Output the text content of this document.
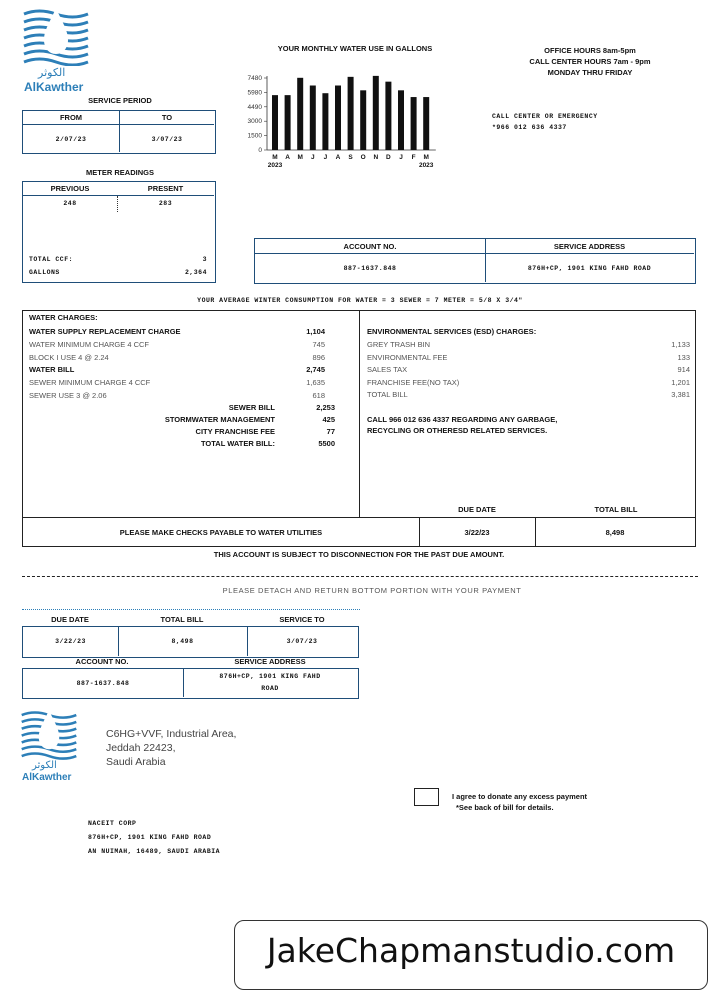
الكوثر
AlKawther
SERVICE PERIOD
FROM	TO
2/07/23	3/07/23
METER READINGS
PREVIOUS	PRESENT
248	283
TOTAL CCF:	3
GALLONS	2,364
YOUR MONTHLY WATER USE IN GALLONS
7480
5980
4490
3000
1500
0
M A M J J A S O N D J F M
2023	2023
OFFICE HOURS 8am-5pm
CALL CENTER HOURS 7am - 9pm
MONDAY THRU FRIDAY
CALL CENTER OR EMERGENCY
*966 012 636 4337
ACCOUNT NO.	SERVICE ADDRESS
887-1637.848	876H+CP, 1901 KING FAHD ROAD
YOUR AVERAGE WINTER CONSUMPTION FOR WATER = 3 SEWER = 7 METER = 5/8 X 3/4"
WATER CHARGES:
WATER SUPPLY REPLACEMENT CHARGE	1,104
WATER MINIMUM CHARGE 4 CCF	745
BLOCK I USE 4 @ 2.24	896
WATER BILL	2,745
SEWER MINIMUM CHARGE 4 CCF	1,635
SEWER USE 3 @ 2.06	618
SEWER BILL	2,253
STORMWATER MANAGEMENT	425
CITY FRANCHISE FEE	77
TOTAL WATER BILL:	5500
ENVIRONMENTAL SERVICES (ESD) CHARGES:
GREY TRASH BIN	1,133
ENVIRONMENTAL FEE	133
SALES TAX	914
FRANCHISE FEE(NO TAX)	1,201
TOTAL BILL	3,381
CALL 966 012 636 4337 REGARDING ANY GARBAGE,
RECYCLING OR OTHERESD RELATED SERVICES.
DUE DATE	TOTAL BILL
PLEASE MAKE CHECKS PAYABLE TO WATER UTILITIES	3/22/23	8,498
THIS ACCOUNT IS SUBJECT TO DISCONNECTION FOR THE PAST DUE AMOUNT.
PLEASE DETACH AND RETURN BOTTOM PORTION WITH YOUR PAYMENT
3/22/23	8,498	3/07/23
DUE DATE	TOTAL BILL	SERVICE TO
ACCOUNT NO.	SERVICE ADDRESS
887-1637.848
876H+CP, 1901 KING FAHD
ROAD
الكوثر
AlKawther
C6HG+VVF, Industrial Area,
Jeddah 22423,
Saudi Arabia
I agree to donate any excess payment
*See back of bill for details.
NACEIT CORP
876H+CP, 1901 KING FAHD ROAD
AN NUIMAH, 16489, SAUDI ARABIA
JakeChapmanstudio.com
